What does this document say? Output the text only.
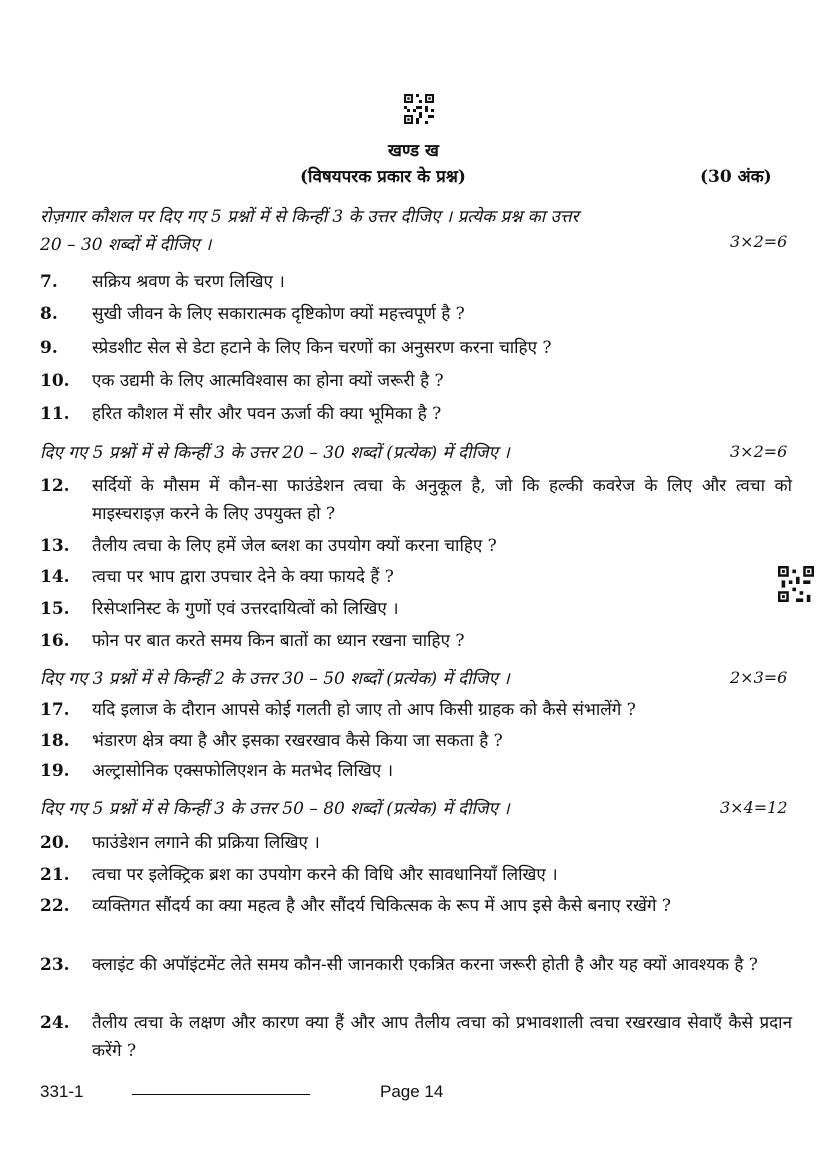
खण्ड ख
(विषयपरक प्रकार के प्रश्न)	(30 अंक)
रोज़गार कौशल पर दिए गए 5 प्रश्नों में से किन्हीं 3 के उत्तर दीजिए । प्रत्येक प्रश्न का उत्तर
20 – 30 शब्दों में दीजिए ।	3×2=6
7.	सक्रिय श्रवण के चरण लिखिए ।
8.	सुखी जीवन के लिए सकारात्मक दृष्टिकोण क्यों महत्त्वपूर्ण है ?
9.	स्प्रेडशीट सेल से डेटा हटाने के लिए किन चरणों का अनुसरण करना चाहिए ?
10.	एक उद्यमी के लिए आत्मविश्वास का होना क्यों जरूरी है ?
11.	हरित कौशल में सौर और पवन ऊर्जा की क्या भूमिका है ?
दिए गए 5 प्रश्नों में से किन्हीं 3 के उत्तर 20 – 30 शब्दों (प्रत्येक) में दीजिए ।	3×2=6
12.	सर्दियों के मौसम में कौन-सा फाउंडेशन त्वचा के अनुकूल है, जो कि हल्की कवरेज के लिए और त्वचा को माइस्चराइज़ करने के लिए उपयुक्त हो ?
13.	तैलीय त्वचा के लिए हमें जेल ब्लश का उपयोग क्यों करना चाहिए ?
14.	त्वचा पर भाप द्वारा उपचार देने के क्या फायदे हैं ?
15.	रिसेप्शनिस्ट के गुणों एवं उत्तरदायित्वों को लिखिए ।
16.	फोन पर बात करते समय किन बातों का ध्यान रखना चाहिए ?
दिए गए 3 प्रश्नों में से किन्हीं 2 के उत्तर 30 – 50 शब्दों (प्रत्येक) में दीजिए ।	2×3=6
17.	यदि इलाज के दौरान आपसे कोई गलती हो जाए तो आप किसी ग्राहक को कैसे संभालेंगे ?
18.	भंडारण क्षेत्र क्या है और इसका रखरखाव कैसे किया जा सकता है ?
19.	अल्ट्रासोनिक एक्सफोलिएशन के मतभेद लिखिए ।
दिए गए 5 प्रश्नों में से किन्हीं 3 के उत्तर 50 – 80 शब्दों (प्रत्येक) में दीजिए ।	3×4=12
20.	फाउंडेशन लगाने की प्रक्रिया लिखिए ।
21.	त्वचा पर इलेक्ट्रिक ब्रश का उपयोग करने की विधि और सावधानियाँ लिखिए ।
22.	व्यक्तिगत सौंदर्य का क्या महत्व है और सौंदर्य चिकित्सक के रूप में आप इसे कैसे बनाए रखेंगे ?
23.	क्लाइंट की अपॉइंटमेंट लेते समय कौन-सी जानकारी एकत्रित करना जरूरी होती है और यह क्यों आवश्यक है ?
24.	तैलीय त्वचा के लक्षण और कारण क्या हैं और आप तैलीय त्वचा को प्रभावशाली त्वचा रखरखाव सेवाएँ कैसे प्रदान करेंगे ?
331-1	Page 14
